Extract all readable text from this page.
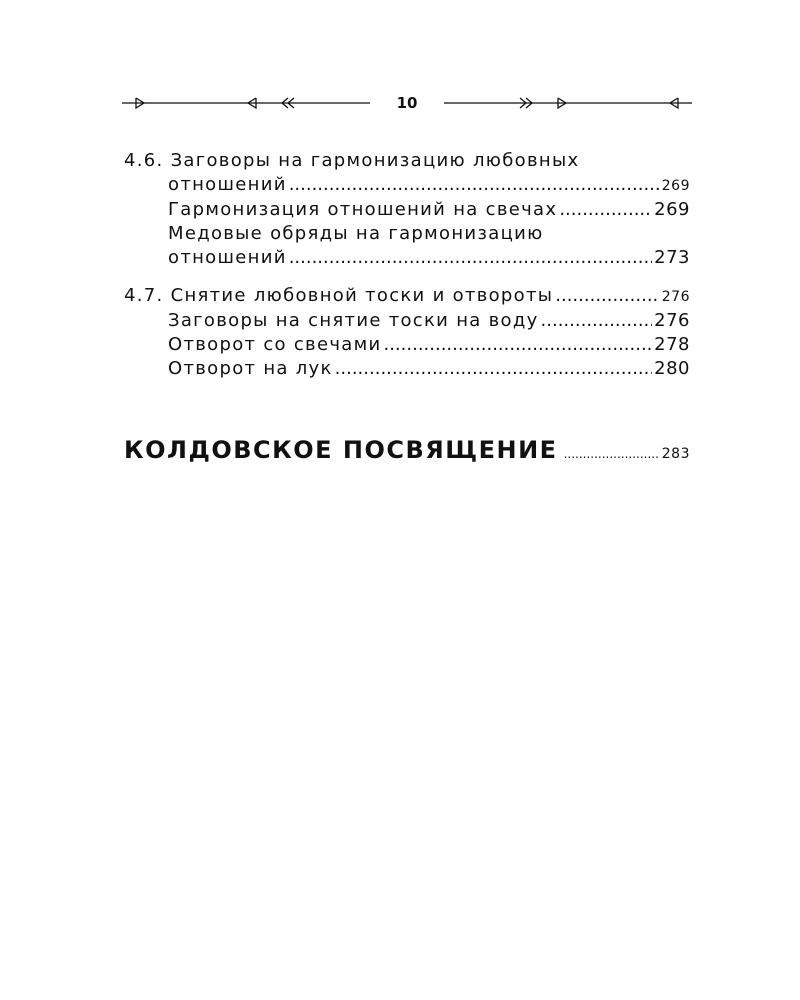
10
4.6. Заговоры на гармонизацию любовных
отношений .....	269
Гармонизация отношений на свечах .....	269
Медовые обряды на гармонизацию
отношений .....	273
4.7. Снятие любовной тоски и отвороты .....	276
Заговоры на снятие тоски на воду .....	276
Отворот со свечами .....	278
Отворот на лук .....	280
КОЛДОВСКОЕ ПОСВЯЩЕНИЕ .....	283
